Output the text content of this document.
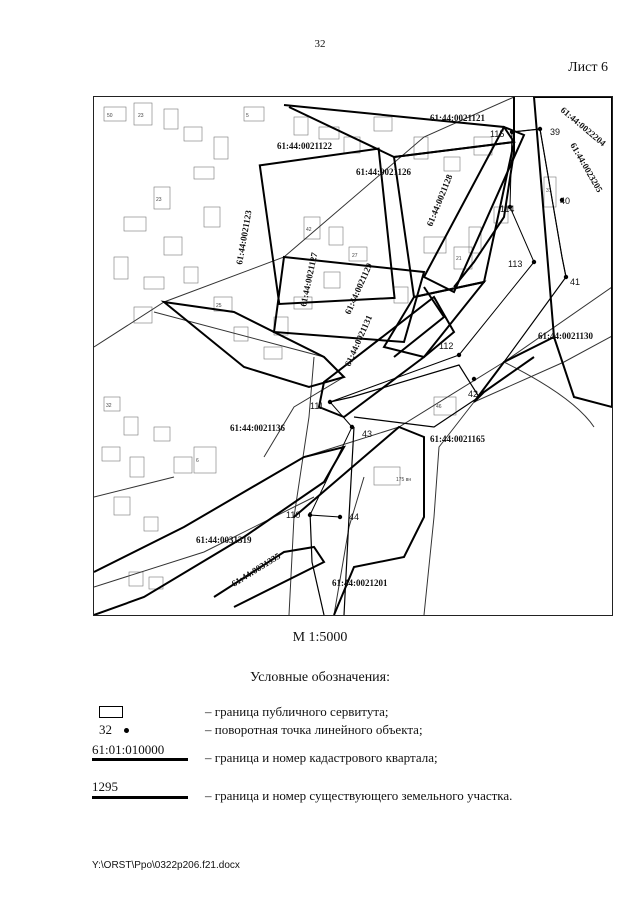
32
Лист 6
50	23	5
23
42
27
25
21
31
32
6
46
61:44:0021121
61:44:0021122
61:44:0021126
61:44:0021128
61:44:0021123
61:44:0021127	61:44:0021129
61:44:0021131
61:44:0021136
61:44:0021165
61:44:0021130
61:44:0022204
61:44:0023205
61:44:0031319
61:44:0031335	61:44:0021201
115	39
40
114
113
41
112
42
111
43
110	44
175 вн
М 1:5000
Условные обозначения:
– граница публичного сервитута;
32	– поворотная точка линейного объекта;
61:01:010000
– граница и номер кадастрового квартала;
1295
– граница и номер существующего земельного участка.
Y:\ORST\Ppo\0322p206.f21.docx
